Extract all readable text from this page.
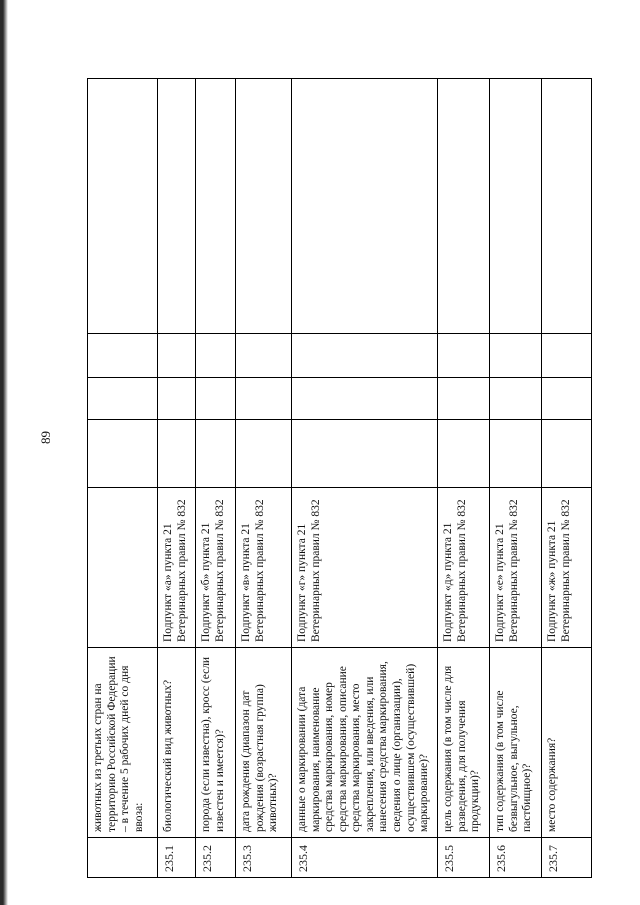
89
	животных из третьих стран на территорию Российской Федерации – в течение 5 рабочих дней со дня ввоза:					
235.1	биологический вид животных?	Подпункт «а» пункта 21 Ветеринарных правил № 832				
235.2	порода (если известна), кросс (если известен и имеется)?	Подпункт «б» пункта 21 Ветеринарных правил № 832				
235.3	дата рождения (диапазон дат рождения (возрастная группа) животных)?	Подпункт «в» пункта 21 Ветеринарных правил № 832				
235.4	данные о маркировании (дата маркирования, наименование средства маркирования, номер средства маркирования, описание средства маркирования, место закрепления, или введения, или нанесения средства маркирования, сведения о лице (организации), осуществившем (осуществившей) маркирование)?	Подпункт «г» пункта 21 Ветеринарных правил № 832				
235.5	цель содержания (в том числе для разведения, для получения продукции)?	Подпункт «д» пункта 21 Ветеринарных правил № 832				
235.6	тип содержания (в том числе безвыгульное, выгульное, пастбищное)?	Подпункт «е» пункта 21 Ветеринарных правил № 832				
235.7	место содержания?	Подпункт «ж» пункта 21 Ветеринарных правил № 832				
